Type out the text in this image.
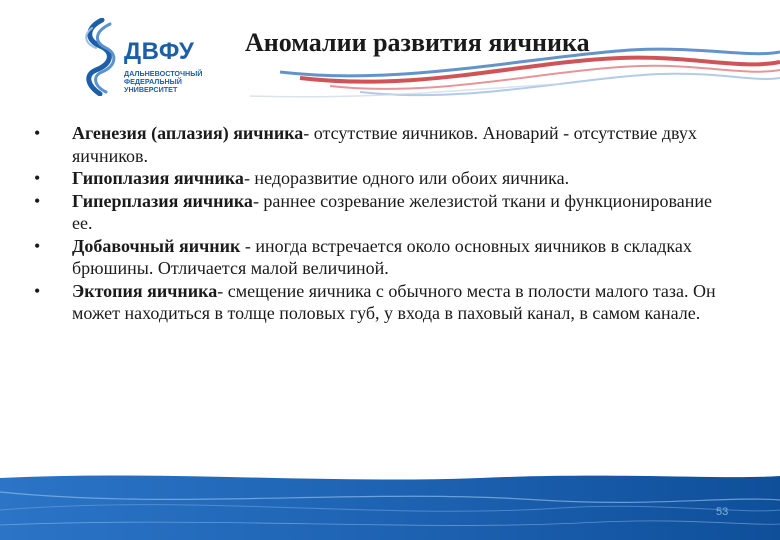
ДВФУ
ДАЛЬНЕВОСТОЧНЫЙ
ФЕДЕРАЛЬНЫЙ
УНИВЕРСИТЕТ
Аномалии развития яичника
• Агенезия (аплазия) яичника- отсутствие яичников. Ановарий - отсутствие двух яичников.
• Гипоплазия яичника- недоразвитие одного или обоих яичника.
• Гиперплазия яичника- раннее созревание железистой ткани и функционирование ее.
• Добавочный яичник - иногда встречается около основных яичников в складках брюшины. Отличается малой величиной.
• Эктопия яичника- смещение яичника с обычного места в полости малого таза. Он может находиться в толще половых губ, у входа в паховый канал, в самом канале.
53
